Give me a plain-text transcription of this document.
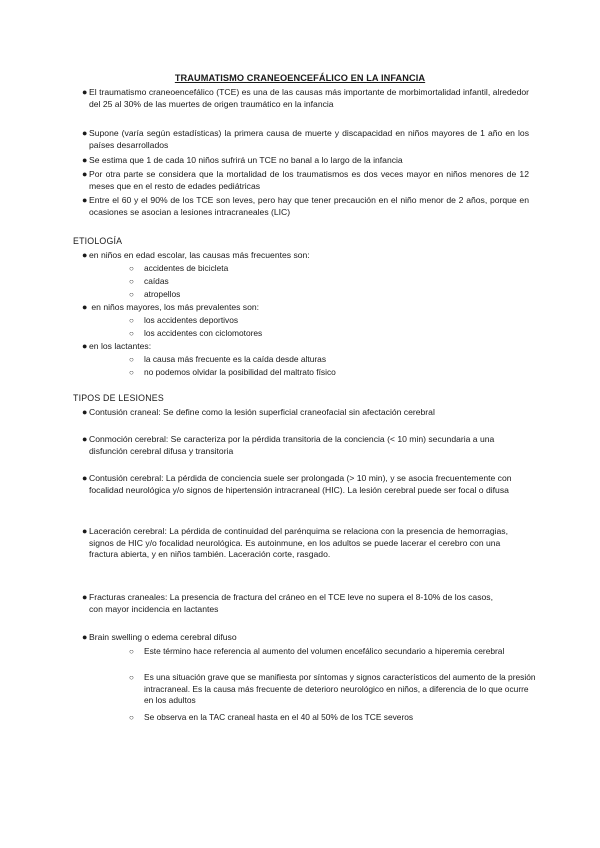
TRAUMATISMO CRANEOENCEFÁLICO EN LA INFANCIA
● El traumatismo craneoencefálico (TCE) es una de las causas más importante de morbimortalidad infantil, alrededor del 25 al 30% de las muertes de origen traumático en la infancia
● Supone (varía según estadísticas) la primera causa de muerte y discapacidad en niños mayores de 1 año en los países desarrollados
● Se estima que 1 de cada 10 niños sufrirá un TCE no banal a lo largo de la infancia
● Por otra parte se considera que la mortalidad de los traumatismos es dos veces mayor en niños menores de 12 meses que en el resto de edades pediátricas
● Entre el 60 y el 90% de los TCE son leves, pero hay que tener precaución en el niño menor de 2 años, porque en ocasiones se asocian a lesiones intracraneales (LIC)
ETIOLOGÍA
● en niños en edad escolar, las causas más frecuentes son:
○ accidentes de bicicleta
○ caídas
○ atropellos
● en niños mayores, los más prevalentes son:
○ los accidentes deportivos
○ los accidentes con ciclomotores
● en los lactantes:
○ la causa más frecuente es la caída desde alturas
○ no podemos olvidar la posibilidad del maltrato físico
TIPOS DE LESIONES
● Contusión craneal: Se define como la lesión superficial craneofacial sin afectación cerebral
● Conmoción cerebral: Se caracteriza por la pérdida transitoria de la conciencia (< 10 min) secundaria a una disfunción cerebral difusa y transitoria
● Contusión cerebral: La pérdida de conciencia suele ser prolongada (> 10 min), y se asocia frecuentemente con focalidad neurológica y/o signos de hipertensión intracraneal (HIC). La lesión cerebral puede ser focal o difusa
● Laceración cerebral: La pérdida de continuidad del parénquima se relaciona con la presencia de hemorragias, signos de HIC y/o focalidad neurológica. Es autoinmune, en los adultos se puede lacerar el cerebro con una fractura abierta, y en niños también. Laceración corte, rasgado.
● Fracturas craneales: La presencia de fractura del cráneo en el TCE leve no supera el 8-10% de los casos, con mayor incidencia en lactantes
● Brain swelling o edema cerebral difuso
○ Este término hace referencia al aumento del volumen encefálico secundario a hiperemia cerebral
○ Es una situación grave que se manifiesta por síntomas y signos característicos del aumento de la presión intracraneal. Es la causa más frecuente de deterioro neurológico en niños, a diferencia de lo que ocurre en los adultos
○ Se observa en la TAC craneal hasta en el 40 al 50% de los TCE severos
